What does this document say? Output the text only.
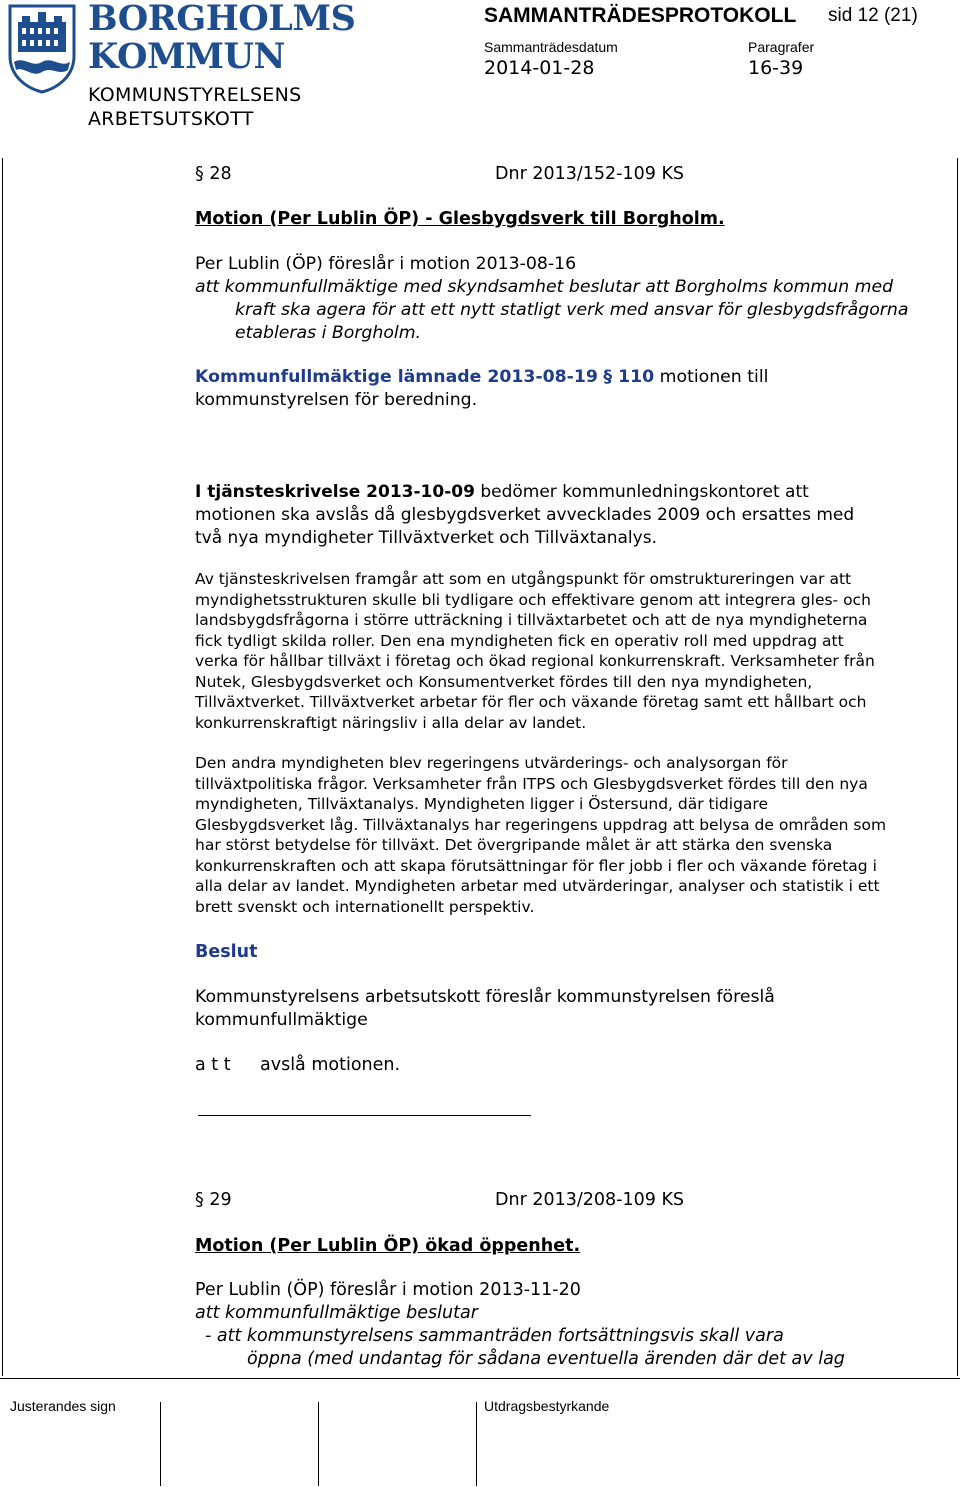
BORGHOLMS
KOMMUN
KOMMUNSTYRELSENS
ARBETSUTSKOTT
SAMMANTRÄDESPROTOKOLL sid 12 (21)
Sammanträdesdatum
2014-01-28
Paragrafer
16-39
§ 28	Dnr 2013/152-109 KS
Motion (Per Lublin ÖP) - Glesbygdsverk till Borgholm.

Per Lublin (ÖP) föreslår i motion 2013-08-16

att kommunfullmäktige med skyndsamhet beslutar att Borgholms kommun med kraft ska agera för att ett nytt statligt verk med ansvar för glesbygdsfrågorna etableras i Borgholm.

Kommunfullmäktige lämnade 2013-08-19 § 110 motionen till kommunstyrelsen för beredning.

I tjänsteskrivelse 2013-10-09 bedömer kommunledningskontoret att motionen ska avslås då glesbygdsverket avvecklades 2009 och ersattes med två nya myndigheter Tillväxtverket och Tillväxtanalys.

Av tjänsteskrivelsen framgår att som en utgångspunkt för omstruktureringen var att myndighetsstrukturen skulle bli tydligare och effektivare genom att integrera gles- och landsbygdsfrågorna i större utträckning i tillväxtarbetet och att de nya myndigheterna fick tydligt skilda roller. Den ena myndigheten fick en operativ roll med uppdrag att verka för hållbar tillväxt i företag och ökad regional konkurrenskraft. Verksamheter från Nutek, Glesbygdsverket och Konsumentverket fördes till den nya myndigheten, Tillväxtverket. Tillväxtverket arbetar för fler och växande företag samt ett hållbart och konkurrenskraftigt näringsliv i alla delar av landet.

Den andra myndigheten blev regeringens utvärderings- och analysorgan för tillväxtpolitiska frågor. Verksamheter från ITPS och Glesbygdsverket fördes till den nya myndigheten, Tillväxtanalys. Myndigheten ligger i Östersund, där tidigare Glesbygdsverket låg. Tillväxtanalys har regeringens uppdrag att belysa de områden som har störst betydelse för tillväxt. Det övergripande målet är att stärka den svenska konkurrenskraften och att skapa förutsättningar för fler jobb i fler och växande företag i alla delar av landet. Myndigheten arbetar med utvärderingar, analyser och statistik i ett brett svenskt och internationellt perspektiv.

Beslut

Kommunstyrelsens arbetsutskott föreslår kommunstyrelsen föreslå kommunfullmäktige

a t t avslå motionen.
§ 29	Dnr 2013/208-109 KS
Motion (Per Lublin ÖP) ökad öppenhet.
Per Lublin (ÖP) föreslår i motion 2013-11-20
att kommunfullmäktige beslutar
- att kommunstyrelsens sammanträden fortsättningsvis skall vara
öppna (med undantag för sådana eventuella ärenden där det av lag
Justerandes sign	Utdragsbestyrkande
